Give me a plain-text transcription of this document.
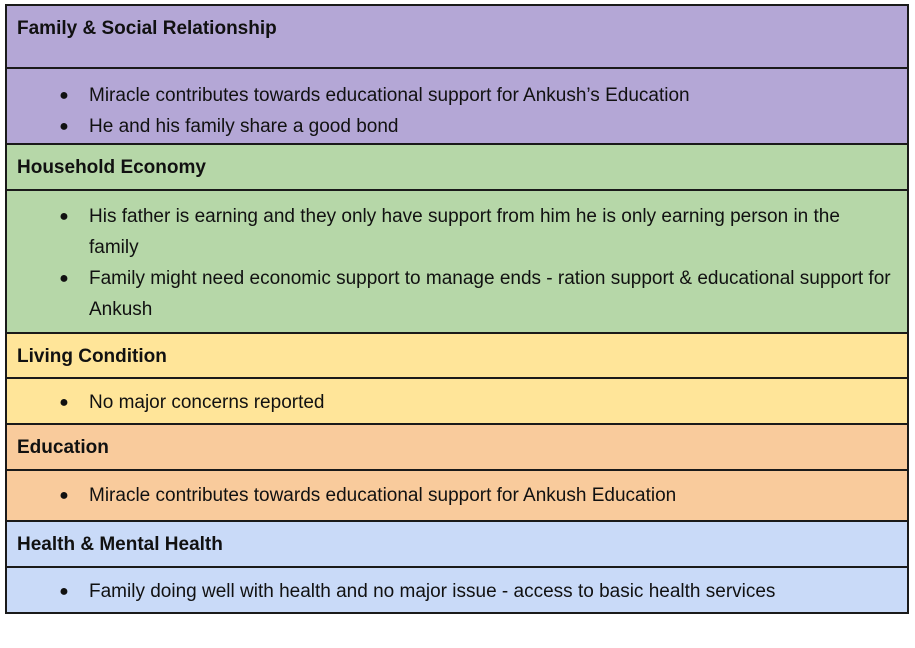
Family & Social Relationship

● Miracle contributes towards educational support for Ankush’s Education
● He and his family share a good bond

Household Economy

● His father is earning and they only have support from him he is only earning person in the family
● Family might need economic support to manage ends - ration support & educational support for Ankush

Living Condition

● No major concerns reported

Education

● Miracle contributes towards educational support for Ankush Education

Health & Mental Health

● Family doing well with health and no major issue - access to basic health services
